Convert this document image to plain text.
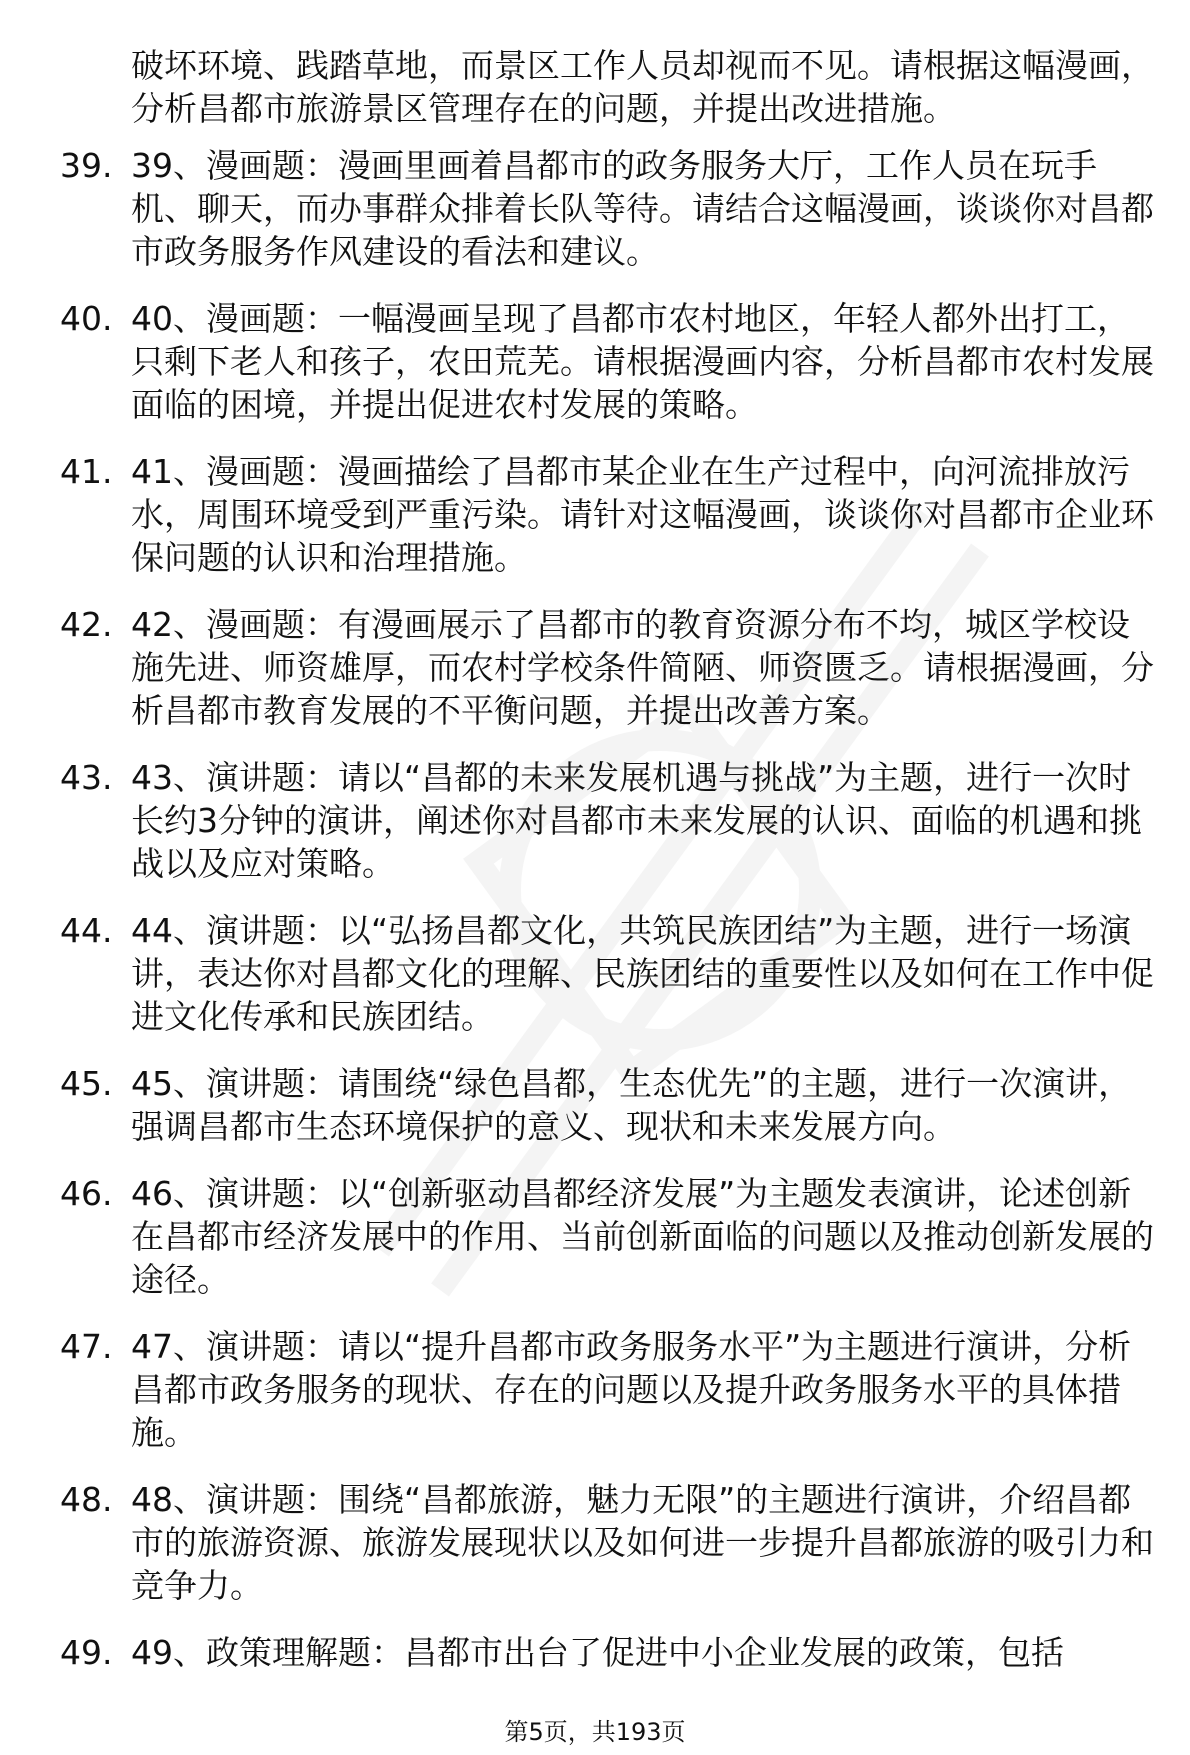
破坏环境、践踏草地，而景区工作人员却视而不见。请根据这幅漫画，分析昌都市旅游景区管理存在的问题，并提出改进措施。
39. 39、漫画题：漫画里画着昌都市的政务服务大厅，工作人员在玩手机、聊天，而办事群众排着长队等待。请结合这幅漫画，谈谈你对昌都市政务服务作风建设的看法和建议。
40. 40、漫画题：一幅漫画呈现了昌都市农村地区，年轻人都外出打工，只剩下老人和孩子，农田荒芜。请根据漫画内容，分析昌都市农村发展面临的困境，并提出促进农村发展的策略。
41. 41、漫画题：漫画描绘了昌都市某企业在生产过程中，向河流排放污水，周围环境受到严重污染。请针对这幅漫画，谈谈你对昌都市企业环保问题的认识和治理措施。
42. 42、漫画题：有漫画展示了昌都市的教育资源分布不均，城区学校设施先进、师资雄厚，而农村学校条件简陋、师资匮乏。请根据漫画，分析昌都市教育发展的不平衡问题，并提出改善方案。
43. 43、演讲题：请以“昌都的未来发展机遇与挑战”为主题，进行一次时长约3分钟的演讲，阐述你对昌都市未来发展的认识、面临的机遇和挑战以及应对策略。
44. 44、演讲题：以“弘扬昌都文化，共筑民族团结”为主题，进行一场演讲，表达你对昌都文化的理解、民族团结的重要性以及如何在工作中促进文化传承和民族团结。
45. 45、演讲题：请围绕“绿色昌都，生态优先”的主题，进行一次演讲，强调昌都市生态环境保护的意义、现状和未来发展方向。
46. 46、演讲题：以“创新驱动昌都经济发展”为主题发表演讲，论述创新在昌都市经济发展中的作用、当前创新面临的问题以及推动创新发展的途径。
47. 47、演讲题：请以“提升昌都市政务服务水平”为主题进行演讲，分析昌都市政务服务的现状、存在的问题以及提升政务服务水平的具体措施。
48. 48、演讲题：围绕“昌都旅游，魅力无限”的主题进行演讲，介绍昌都市的旅游资源、旅游发展现状以及如何进一步提升昌都旅游的吸引力和竞争力。
49. 49、政策理解题：昌都市出台了促进中小企业发展的政策，包括
第5页，共193页
